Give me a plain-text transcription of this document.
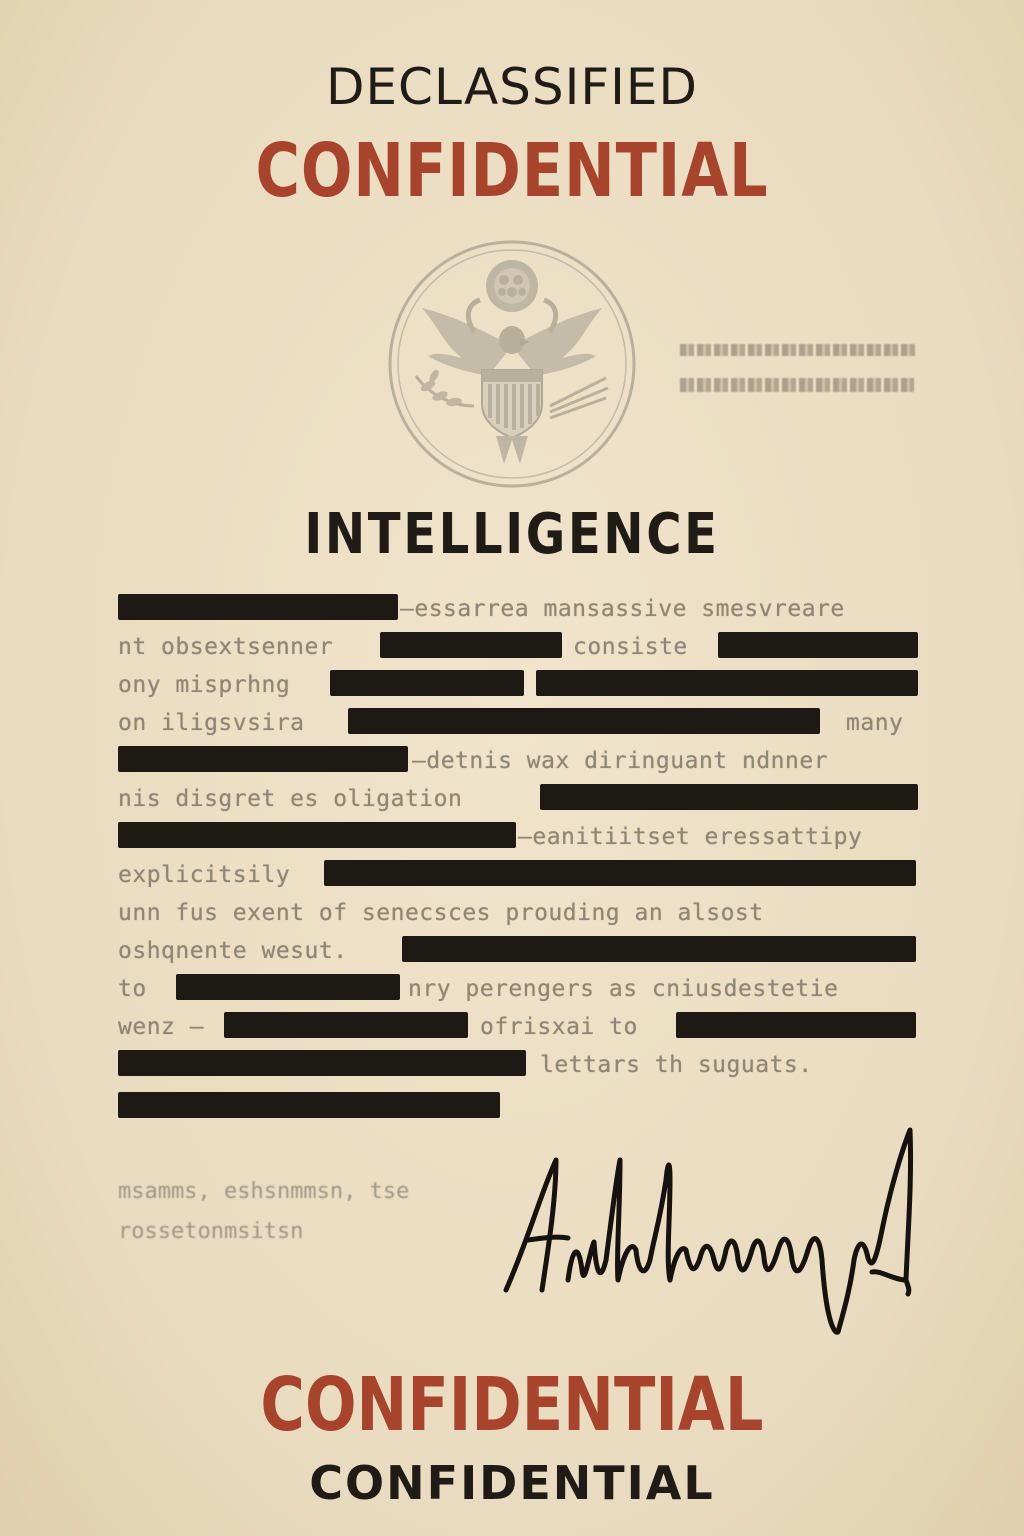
DECLASSIFIED
CONFIDENTIAL
INTELLIGENCE
—essarrea mansassive smesvreare
nt obsextsenner	consiste
ony misprhng
on iligsvsira	many
—detnis wax diringuant ndnner
nis disgret es oligation
—eanitiitset eressattipy
explicitsily
unn fus exent of senecsces prouding an alsost
oshqnente wesut.
to	nry perengers as cniusdestetie
wenz –	ofrisxai to
lettars th suguats.
msamms, eshsnmmsn, tse
rossetonmsitsn
CONFIDENTIAL
CONFIDENTIAL
